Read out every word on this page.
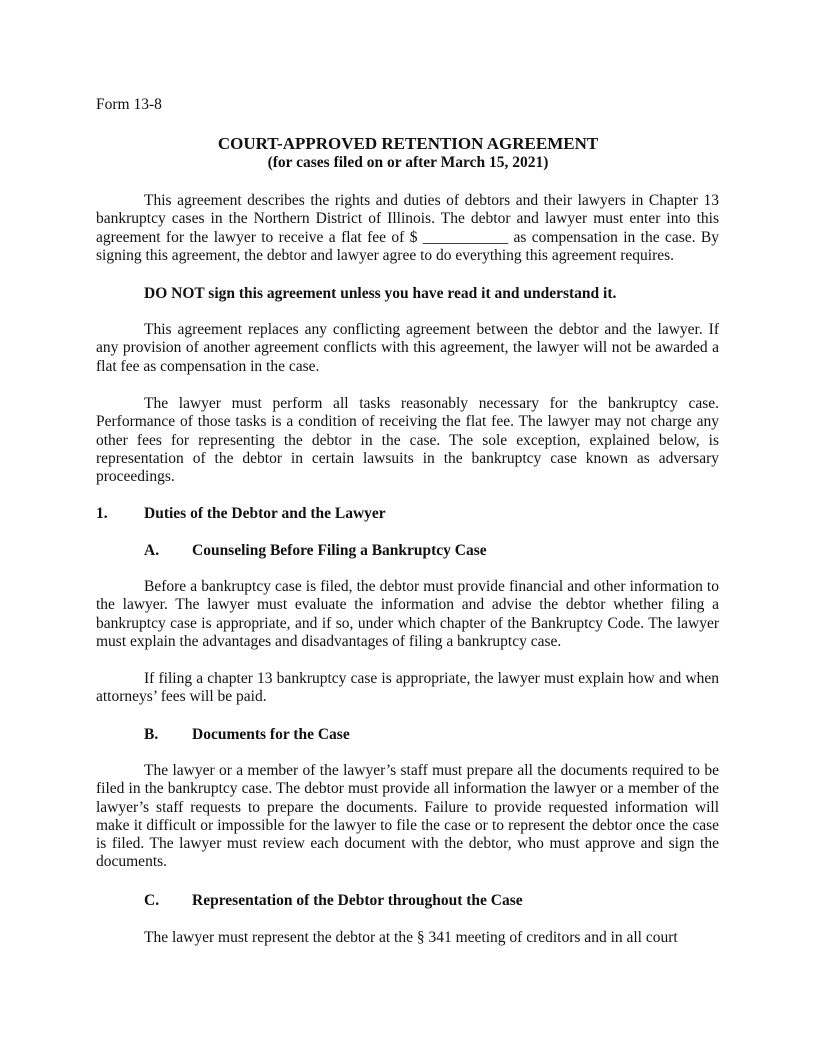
Form 13-8

COURT-APPROVED RETENTION AGREEMENT
(for cases filed on or after March 15, 2021)

This agreement describes the rights and duties of debtors and their lawyers in Chapter 13 bankruptcy cases in the Northern District of Illinois. The debtor and lawyer must enter into this agreement for the lawyer to receive a flat fee of $ ___________ as compensation in the case. By signing this agreement, the debtor and lawyer agree to do everything this agreement requires.

DO NOT sign this agreement unless you have read it and understand it.

This agreement replaces any conflicting agreement between the debtor and the lawyer. If any provision of another agreement conflicts with this agreement, the lawyer will not be awarded a flat fee as compensation in the case.

The lawyer must perform all tasks reasonably necessary for the bankruptcy case. Performance of those tasks is a condition of receiving the flat fee. The lawyer may not charge any other fees for representing the debtor in the case. The sole exception, explained below, is representation of the debtor in certain lawsuits in the bankruptcy case known as adversary proceedings.

1. Duties of the Debtor and the Lawyer
A. Counseling Before Filing a Bankruptcy Case

Before a bankruptcy case is filed, the debtor must provide financial and other information to the lawyer. The lawyer must evaluate the information and advise the debtor whether filing a bankruptcy case is appropriate, and if so, under which chapter of the Bankruptcy Code. The lawyer must explain the advantages and disadvantages of filing a bankruptcy case.

If filing a chapter 13 bankruptcy case is appropriate, the lawyer must explain how and when attorneys’ fees will be paid.

B. Documents for the Case

The lawyer or a member of the lawyer’s staff must prepare all the documents required to be filed in the bankruptcy case. The debtor must provide all information the lawyer or a member of the lawyer’s staff requests to prepare the documents. Failure to provide requested information will make it difficult or impossible for the lawyer to file the case or to represent the debtor once the case is filed. The lawyer must review each document with the debtor, who must approve and sign the documents.

C. Representation of the Debtor throughout the Case

The lawyer must represent the debtor at the § 341 meeting of creditors and in all court
